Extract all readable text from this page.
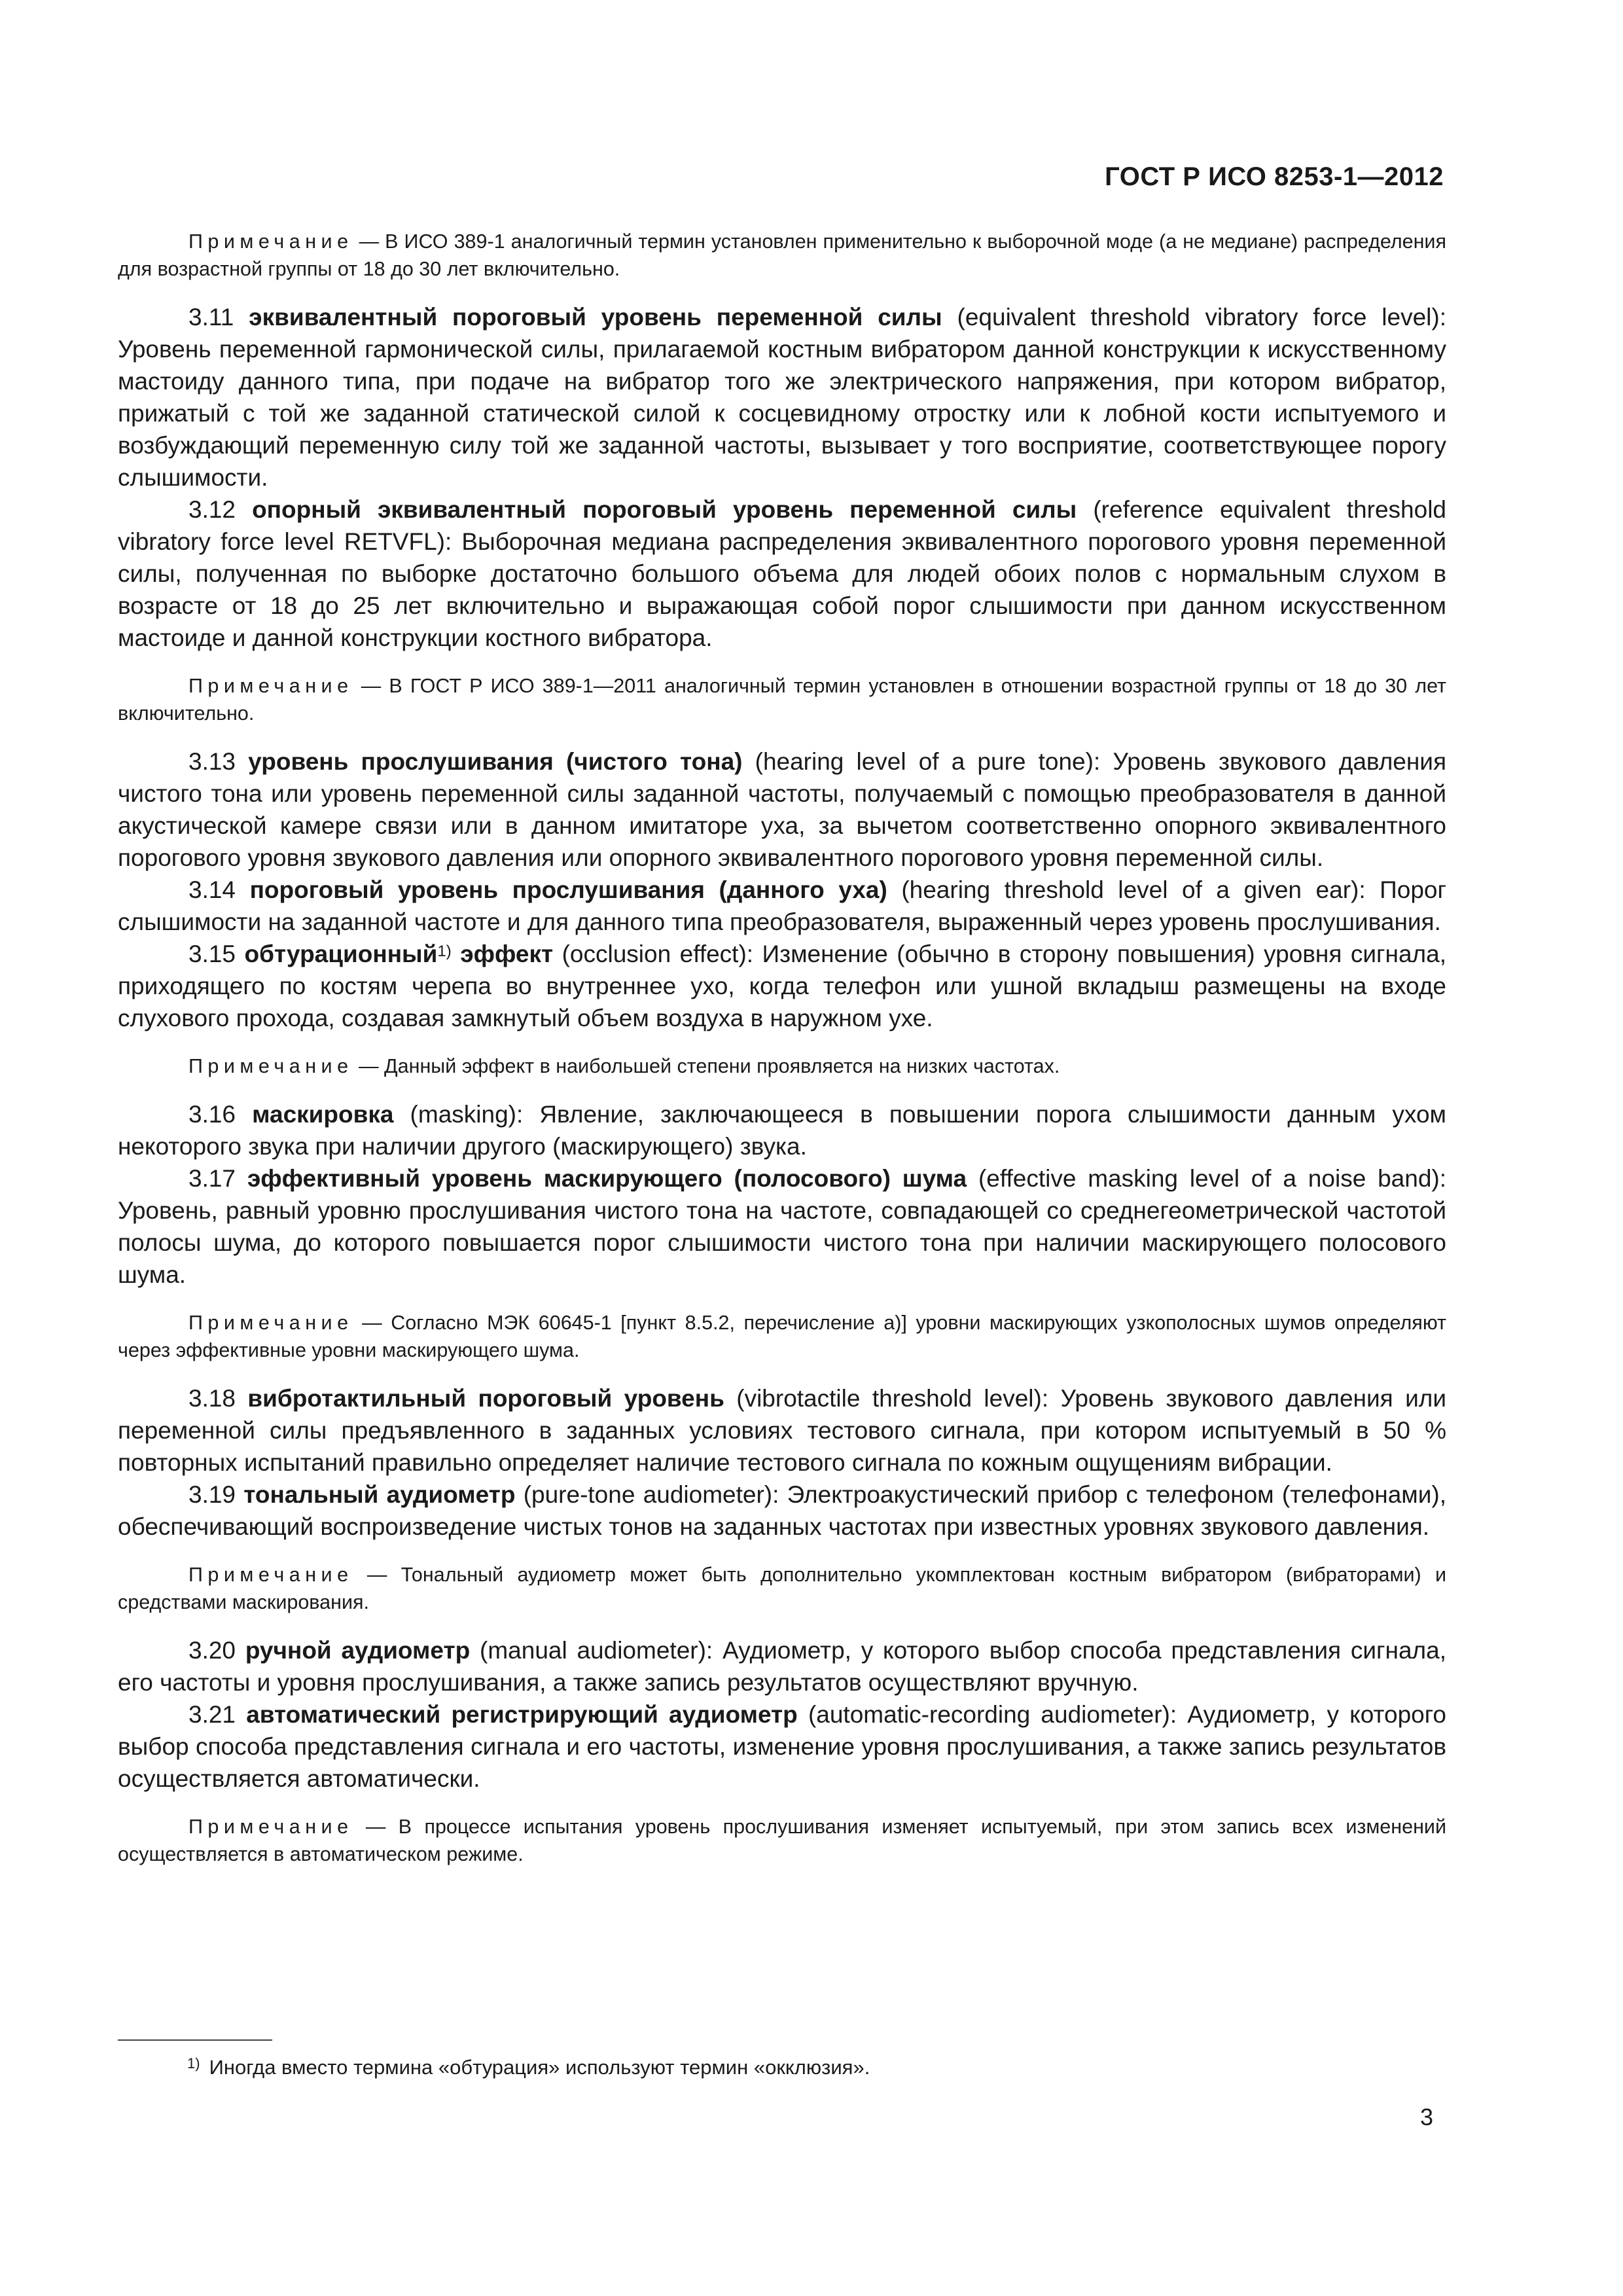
ГОСТ Р ИСО 8253-1—2012

Примечание — В ИСО 389-1 аналогичный термин установлен применительно к выборочной моде (а не медиане) распределения для возрастной группы от 18 до 30 лет включительно.

3.11 эквивалентный пороговый уровень переменной силы (equivalent threshold vibratory force level): Уровень переменной гармонической силы, прилагаемой костным вибратором данной конструкции к искусственному мастоиду данного типа, при подаче на вибратор того же электрического напряжения, при котором вибратор, прижатый с той же заданной статической силой к сосцевидному отростку или к лобной кости испытуемого и возбуждающий переменную силу той же заданной частоты, вызывает у того восприятие, соответствующее порогу слышимости.

3.12 опорный эквивалентный пороговый уровень переменной силы (reference equivalent threshold vibratory force level RETVFL): Выборочная медиана распределения эквивалентного порогового уровня переменной силы, полученная по выборке достаточно большого объема для людей обоих полов с нормальным слухом в возрасте от 18 до 25 лет включительно и выражающая собой порог слышимости при данном искусственном мастоиде и данной конструкции костного вибратора.

Примечание — В ГОСТ Р ИСО 389-1—2011 аналогичный термин установлен в отношении возрастной группы от 18 до 30 лет включительно.

3.13 уровень прослушивания (чистого тона) (hearing level of a pure tone): Уровень звукового давления чистого тона или уровень переменной силы заданной частоты, получаемый с помощью преобразователя в данной акустической камере связи или в данном имитаторе уха, за вычетом соответственно опорного эквивалентного порогового уровня звукового давления или опорного эквивалентного порогового уровня переменной силы.

3.14 пороговый уровень прослушивания (данного уха) (hearing threshold level of a given ear): Порог слышимости на заданной частоте и для данного типа преобразователя, выраженный через уровень прослушивания.

3.15 обтурационный$^{1)}$ эффект (occlusion effect): Изменение (обычно в сторону повышения) уровня сигнала, приходящего по костям черепа во внутреннее ухо, когда телефон или ушной вкладыш размещены на входе слухового прохода, создавая замкнутый объем воздуха в наружном ухе.

Примечание — Данный эффект в наибольшей степени проявляется на низких частотах.

3.16 маскировка (masking): Явление, заключающееся в повышении порога слышимости данным ухом некоторого звука при наличии другого (маскирующего) звука.

3.17 эффективный уровень маскирующего (полосового) шума (effective masking level of a noise band): Уровень, равный уровню прослушивания чистого тона на частоте, совпадающей со среднегеометрической частотой полосы шума, до которого повышается порог слышимости чистого тона при наличии маскирующего полосового шума.

Примечание — Согласно МЭК 60645-1 [пункт 8.5.2, перечисление а)] уровни маскирующих узкополосных шумов определяют через эффективные уровни маскирующего шума.

3.18 вибротактильный пороговый уровень (vibrotactile threshold level): Уровень звукового давления или переменной силы предъявленного в заданных условиях тестового сигнала, при котором испытуемый в 50 % повторных испытаний правильно определяет наличие тестового сигнала по кожным ощущениям вибрации.

3.19 тональный аудиометр (pure-tone audiometer): Электроакустический прибор с телефоном (телефонами), обеспечивающий воспроизведение чистых тонов на заданных частотах при известных уровнях звукового давления.

Примечание — Тональный аудиометр может быть дополнительно укомплектован костным вибратором (вибраторами) и средствами маскирования.

3.20 ручной аудиометр (manual audiometer): Аудиометр, у которого выбор способа представления сигнала, его частоты и уровня прослушивания, а также запись результатов осуществляют вручную.

3.21 автоматический регистрирующий аудиометр (automatic-recording audiometer): Аудиометр, у которого выбор способа представления сигнала и его частоты, изменение уровня прослушивания, а также запись результатов осуществляется автоматически.

Примечание — В процессе испытания уровень прослушивания изменяет испытуемый, при этом запись всех изменений осуществляется в автоматическом режиме.

$^{1)}$ Иногда вместо термина «обтурация» используют термин «окклюзия».
3
